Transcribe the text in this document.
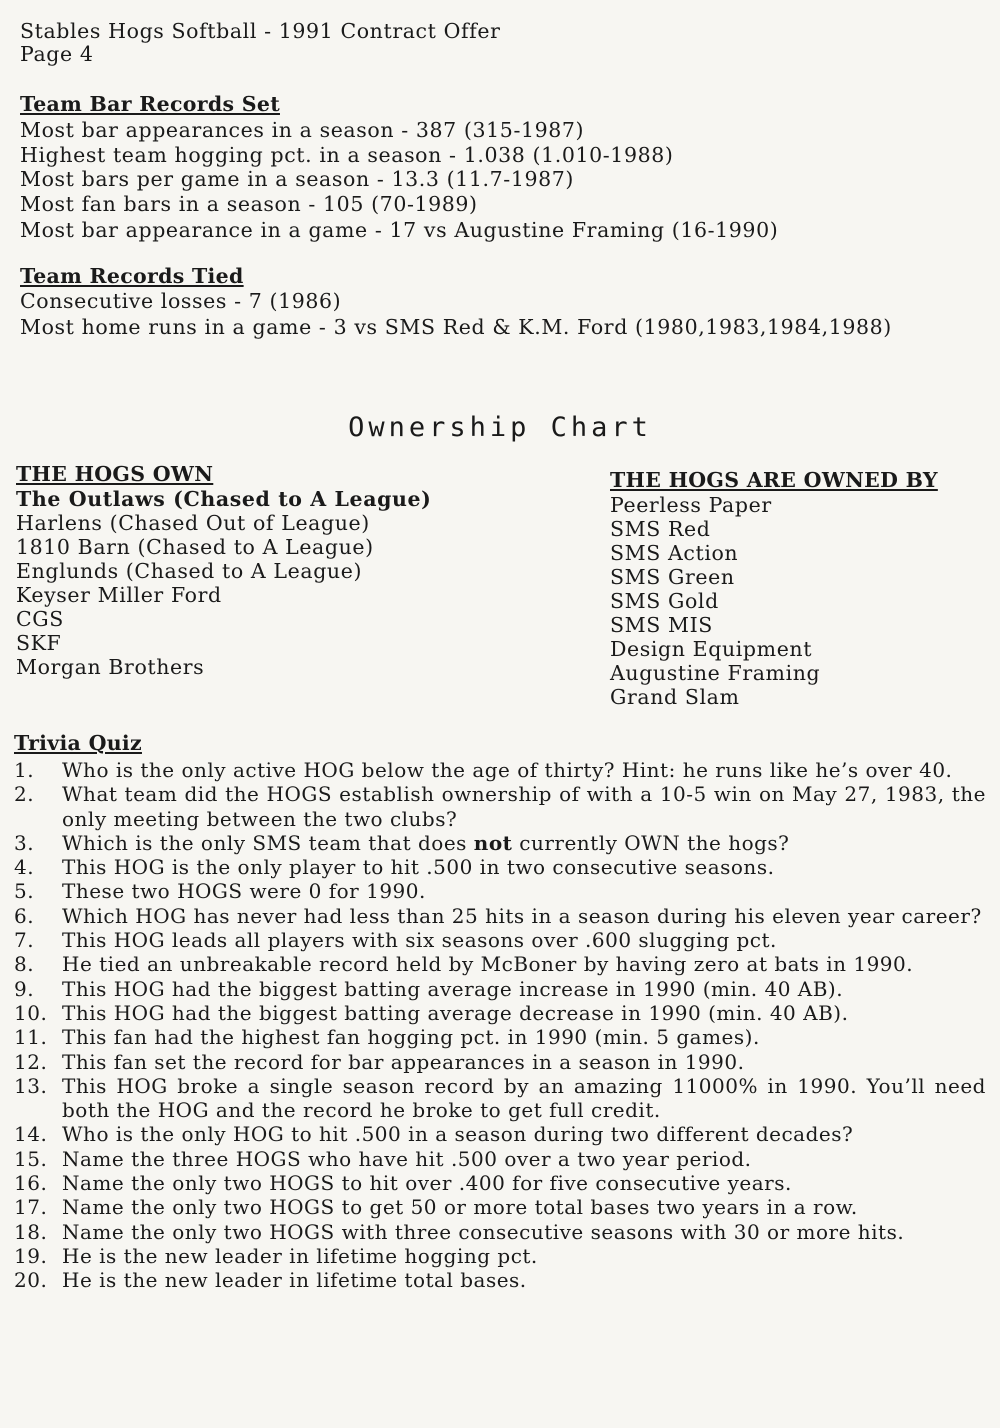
Stables Hogs Softball - 1991 Contract Offer
Page 4
Team Bar Records Set
Most bar appearances in a season - 387 (315-1987)
Highest team hogging pct. in a season - 1.038 (1.010-1988)
Most bars per game in a season - 13.3 (11.7-1987)
Most fan bars in a season - 105 (70-1989)
Most bar appearance in a game - 17 vs Augustine Framing (16-1990)
Team Records Tied
Consecutive losses - 7 (1986)
Most home runs in a game - 3 vs SMS Red & K.M. Ford (1980,1983,1984,1988)
Ownership Chart
THE HOGS OWN
The Outlaws (Chased to A League)
Harlens (Chased Out of League)
1810 Barn (Chased to A League)
Englunds (Chased to A League)
Keyser Miller Ford
CGS
SKF
Morgan Brothers
THE HOGS ARE OWNED BY
Peerless Paper
SMS Red
SMS Action
SMS Green
SMS Gold
SMS MIS
Design Equipment
Augustine Framing
Grand Slam
Trivia Quiz
1.	Who is the only active HOG below the age of thirty? Hint: he runs like he’s over 40.
2.	What team did the HOGS establish ownership of with a 10-5 win on May 27, 1983, the only meeting between the two clubs?
3.	Which is the only SMS team that does not currently OWN the hogs?
4.	This HOG is the only player to hit .500 in two consecutive seasons.
5.	These two HOGS were 0 for 1990.
6.	Which HOG has never had less than 25 hits in a season during his eleven year career?
7.	This HOG leads all players with six seasons over .600 slugging pct.
8.	He tied an unbreakable record held by McBoner by having zero at bats in 1990.
9.	This HOG had the biggest batting average increase in 1990 (min. 40 AB).
10. This HOG had the biggest batting average decrease in 1990 (min. 40 AB).
11. This fan had the highest fan hogging pct. in 1990 (min. 5 games).
12. This fan set the record for bar appearances in a season in 1990.
13. This HOG broke a single season record by an amazing 11000% in 1990. You’ll need both the HOG and the record he broke to get full credit.
14. Who is the only HOG to hit .500 in a season during two different decades?
15. Name the three HOGS who have hit .500 over a two year period.
16. Name the only two HOGS to hit over .400 for five consecutive years.
17. Name the only two HOGS to get 50 or more total bases two years in a row.
18. Name the only two HOGS with three consecutive seasons with 30 or more hits.
19. He is the new leader in lifetime hogging pct.
20. He is the new leader in lifetime total bases.
